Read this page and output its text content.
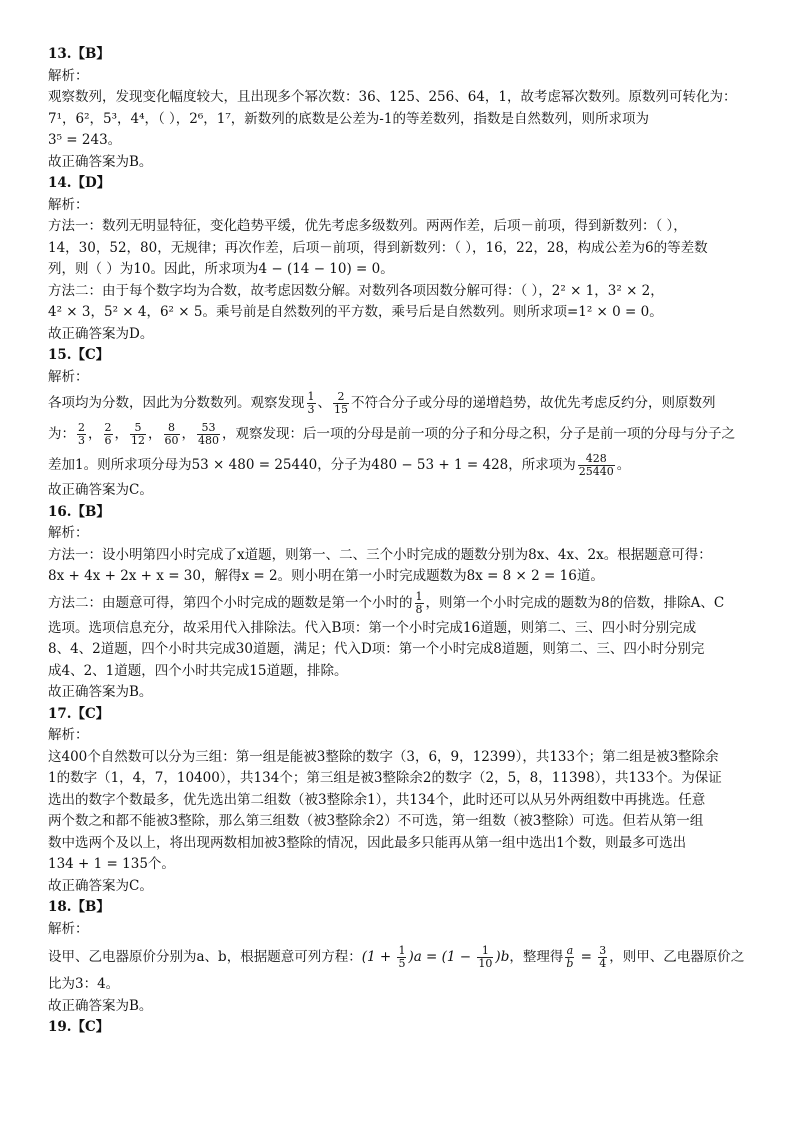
13.【B】
解析：
观察数列，发现变化幅度较大，且出现多个幂次数：36、125、256、64，1，故考虑幂次数列。原数列可转化为：
7¹，6²，5³，4⁴，（ ），2⁶，1⁷，新数列的底数是公差为-1的等差数列，指数是自然数列，则所求项为
3⁵ = 243。
故正确答案为B。
14.【D】
解析：
方法一：数列无明显特征，变化趋势平缓，优先考虑多级数列。两两作差，后项－前项，得到新数列：（ ），
14，30，52，80，无规律；再次作差，后项－前项，得到新数列：（ ），16，22，28，构成公差为6的等差数
列，则（ ）为10。因此，所求项为4 − (14 − 10) = 0。
方法二：由于每个数字均为合数，故考虑因数分解。对数列各项因数分解可得：（ ），2² × 1，3² × 2，
4² × 3，5² × 4，6² × 5。乘号前是自然数列的平方数，乘号后是自然数列。则所求项=1² × 0 = 0。
故正确答案为D。
15.【C】
解析：
各项均为分数，因此为分数数列。观察发现 $\frac{1}{3}$ 、 $\frac{2}{15}$ 不符合分子或分母的递增趋势，故优先考虑反约分，则原数列
为： $\frac{2}{3}$ ， $\frac{2}{6}$ ， $\frac{5}{12}$ ， $\frac{8}{60}$ ， $\frac{53}{480}$ ，观察发现：后一项的分母是前一项的分子和分母之积，分子是前一项的分母与分子之
差加1。则所求项分母为53 × 480 = 25440，分子为480 − 53 + 1 = 428，所求项为 $\frac{428}{25440}$ 。
故正确答案为C。
16.【B】
解析：
方法一：设小明第四小时完成了x道题，则第一、二、三个小时完成的题数分别为8x、4x、2x。根据题意可得：
8x + 4x + 2x + x = 30，解得x = 2。则小明在第一小时完成题数为8x = 8 × 2 = 16道。
方法二：由题意可得，第四个小时完成的题数是第一个小时的 $\frac{1}{8}$ ，则第一个小时完成的题数为8的倍数，排除A、C
选项。选项信息充分，故采用代入排除法。代入B项：第一个小时完成16道题，则第二、三、四小时分别完成
8、4、2道题，四个小时共完成30道题，满足；代入D项：第一个小时完成8道题，则第二、三、四小时分别完
成4、2、1道题，四个小时共完成15道题，排除。
故正确答案为B。
17.【C】
解析：
这400个自然数可以分为三组：第一组是能被3整除的数字（3，6，9，12399），共133个；第二组是被3整除余
1的数字（1，4，7，10400），共134个；第三组是被3整除余2的数字（2，5，8，11398），共133个。为保证
选出的数字个数最多，优先选出第二组数（被3整除余1），共134个，此时还可以从另外两组数中再挑选。任意
两个数之和都不能被3整除，那么第三组数（被3整除余2）不可选，第一组数（被3整除）可选。但若从第一组
数中选两个及以上，将出现两数相加被3整除的情况，因此最多只能再从第一组中选出1个数，则最多可选出
134 + 1 = 135个。
故正确答案为C。
18.【B】
解析：
设甲、乙电器原价分别为a、b，根据题意可列方程：$(1 + \frac{1}{5} )a = (1 - \frac{1}{10} )b$，整理得 $\frac{a}{b} = \frac{3}{4}$ ，则甲、乙电器原价之
比为3：4。
故正确答案为B。
19.【C】
